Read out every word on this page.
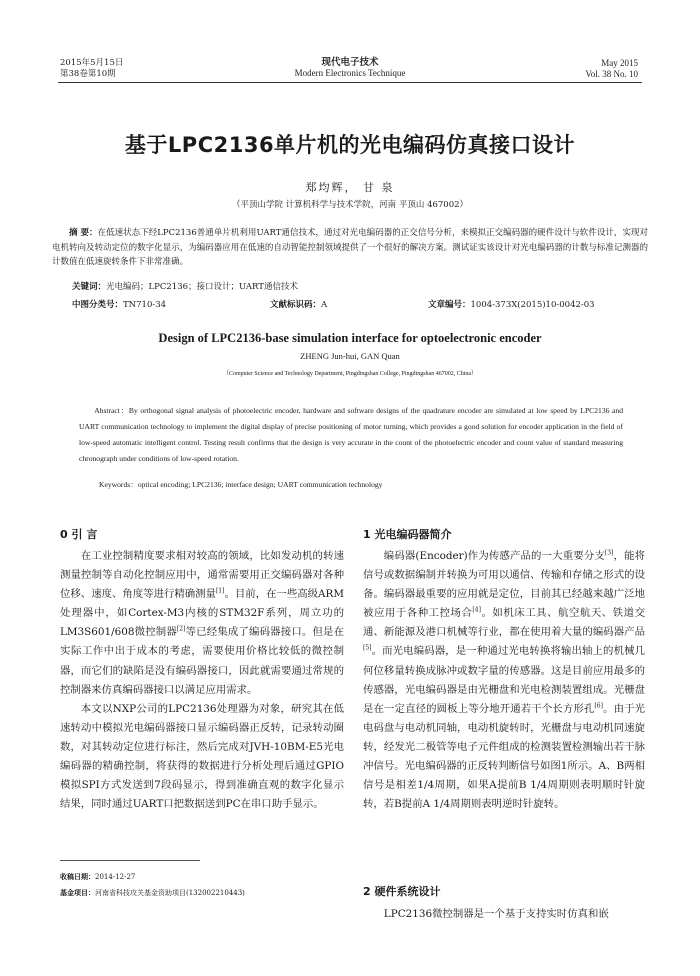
2015年5月15日
第38卷第10期
现代电子技术
Modern Electronics Technique
May 2015
Vol. 38 No. 10
基于LPC2136单片机的光电编码仿真接口设计
郑均辉， 甘 泉
（平顶山学院 计算机科学与技术学院，河南 平顶山 467002）
摘 要：在低速状态下经LPC2136普通单片机利用UART通信技术，通过对光电编码器的正交信号分析，来模拟正交编码器的硬件设计与软件设计，实现对电机转向及转动定位的数字化显示，为编码器应用在低速的自动智能控制领域提供了一个很好的解决方案。测试证实该设计对光电编码器的计数与标准记测器的计数值在低速旋转条件下非常准确。
关键词：光电编码；LPC2136；接口设计；UART通信技术
中图分类号：TN710-34	文献标识码：A	文章编号：1004-373X(2015)10-0042-03
Design of LPC2136-base simulation interface for optoelectronic encoder
ZHENG Jun-hui, GAN Quan
（Computer Science and Technology Department, Pingdingshan College, Pingdingshan 467002, China）
Abstract：By orthogonal signal analysis of photoelectric encoder, hardware and software designs of the quadrature encoder are simulated at low speed by LPC2136 and UART communication technology to implement the digital display of precise positioning of motor turning, which provides a good solution for encoder application in the field of low-speed automatic intelligent control. Testing result confirms that the design is very accurate in the count of the photoelectric encoder and count value of standard measuring chronograph under conditions of low-speed rotation.
Keywords：optical encoding; LPC2136; interface design; UART communication technology
0 引 言

在工业控制精度要求相对较高的领域，比如发动机的转速测量控制等自动化控制应用中，通常需要用正交编码器对各种位移、速度、角度等进行精确测量[1]。目前，在一些高级ARM处理器中，如Cortex-M3内核的STM32F系列，周立功的LM3S601/608微控制器[2]等已经集成了编码器接口。但是在实际工作中出于成本的考虑，需要使用价格比较低的微控制器，而它们的缺陷是没有编码器接口，因此就需要通过常规的控制器来仿真编码器接口以满足应用需求。

本文以NXP公司的LPC2136处理器为对象，研究其在低速转动中模拟光电编码器接口显示编码器正反转，记录转动圈数，对其转动定位进行标注，然后完成对JVH-10BM-E5光电编码器的精确控制，将获得的数据进行分析处理后通过GPIO模拟SPI方式发送到7段码显示，得到准确直观的数字化显示结果，同时通过UART口把数据送到PC在串口助手显示。

收稿日期：2014-12-27
基金项目：河南省科技攻关基金资助项目(132002210443)
1 光电编码器简介

编码器(Encoder)作为传感产品的一大重要分支[3]，能将信号或数据编制并转换为可用以通信、传输和存储之形式的设备。编码器最重要的应用就是定位，目前其已经越来越广泛地被应用于各种工控场合[4]。如机床工具、航空航天、铁道交通、新能源及港口机械等行业，都在使用着大量的编码器产品[5]。而光电编码器，是一种通过光电转换将输出轴上的机械几何位移量转换成脉冲或数字量的传感器。这是目前应用最多的传感器，光电编码器是由光栅盘和光电检测装置组成。光栅盘是在一定直径的圆板上等分地开通若干个长方形孔[6]。由于光电码盘与电动机同轴，电动机旋转时，光栅盘与电动机同速旋转，经发光二极管等电子元件组成的检测装置检测输出若干脉冲信号。光电编码器的正反转判断信号如图1所示。A、B两相信号是相差1/4周期，如果A提前B 1/4周期则表明顺时针旋转，若B提前A 1/4周期则表明逆时针旋转。

2 硬件系统设计

LPC2136微控制器是一个基于支持实时仿真和嵌
